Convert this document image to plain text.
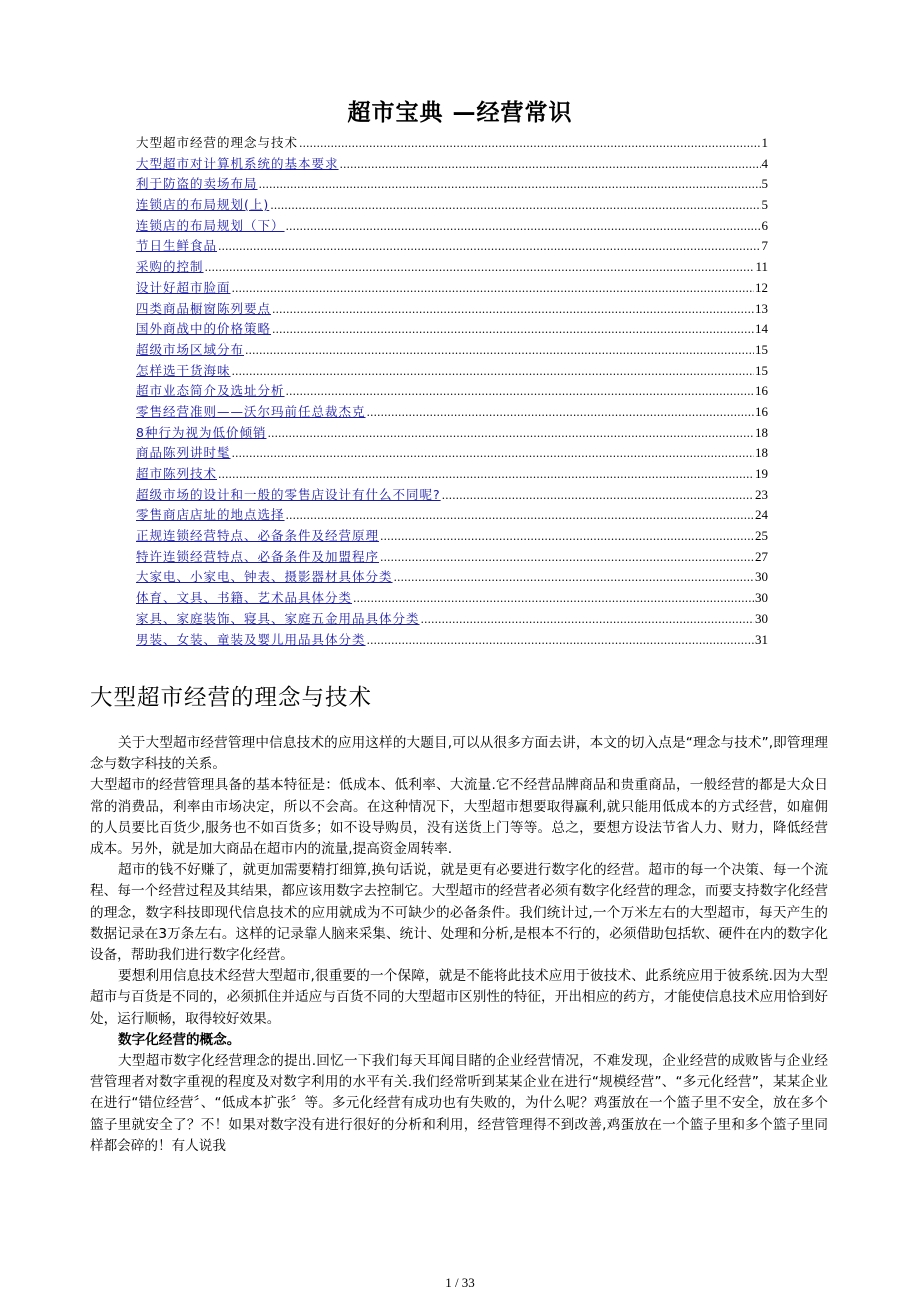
超市宝典 —经营常识
大型超市经营的理念与技术 .....	1
大型超市对计算机系统的基本要求 .....	4
利于防盗的卖场布局 .....	5
连锁店的布局规划(上) .....	5
连锁店的布局规划（下） .....	6
节日生鲜食品 .....	7
采购的控制 .....	11
设计好超市脸面 .....	12
四类商品橱窗陈列要点 .....	13
国外商战中的价格策略 .....	14
超级市场区域分布 .....	15
怎样选干货海味 .....	15
超市业态简介及选址分析 .....	16
零售经营准则——沃尔玛前任总裁杰克 .....	16
8种行为视为低价倾销 .....	18
商品陈列讲时髦 .....	18
超市陈列技术 .....	19
超级市场的设计和一般的零售店设计有什么不同呢? .....	23
零售商店店址的地点选择 .....	24
正规连锁经营特点、必备条件及经营原理 .....	25
特许连锁经营特点、必备条件及加盟程序 .....	27
大家电、小家电、钟表、摄影器材具体分类 .....	30
体育、文具、书籍、艺术品具体分类 .....	30
家具、家庭装饰、寝具、家庭五金用品具体分类 .....	30
男装、女装、童装及婴儿用品具体分类 .....	31
大型超市经营的理念与技术

关于大型超市经营管理中信息技术的应用这样的大题目,可以从很多方面去讲，本文的切入点是“理念与技术”,即管理理念与数字科技的关系。

大型超市的经营管理具备的基本特征是：低成本、低利率、大流量.它不经营品牌商品和贵重商品，一般经营的都是大众日常的消费品，利率由市场决定，所以不会高。在这种情况下，大型超市想要取得赢利,就只能用低成本的方式经营，如雇佣的人员要比百货少,服务也不如百货多；如不设导购员，没有送货上门等等。总之，要想方设法节省人力、财力，降低经营成本。另外，就是加大商品在超市内的流量,提高资金周转率.

超市的钱不好赚了，就更加需要精打细算,换句话说，就是更有必要进行数字化的经营。超市的每一个决策、每一个流程、每一个经营过程及其结果，都应该用数字去控制它。大型超市的经营者必须有数字化经营的理念，而要支持数字化经营的理念，数字科技即现代信息技术的应用就成为不可缺少的必备条件。我们统计过,一个万米左右的大型超市，每天产生的数据记录在3万条左右。这样的记录靠人脑来采集、统计、处理和分析,是根本不行的，必须借助包括软、硬件在内的数字化设备，帮助我们进行数字化经营。

要想利用信息技术经营大型超市,很重要的一个保障，就是不能将此技术应用于彼技术、此系统应用于彼系统.因为大型超市与百货是不同的，必须抓住并适应与百货不同的大型超市区别性的特征，开出相应的药方，才能使信息技术应用恰到好处，运行顺畅，取得较好效果。

数字化经营的概念。

大型超市数字化经营理念的提出.回忆一下我们每天耳闻目睹的企业经营情况，不难发现，企业经营的成败皆与企业经营管理者对数字重视的程度及对数字利用的水平有关.我们经常听到某某企业在进行“规模经营”、“多元化经营”，某某企业在进行“错位经营〞、“低成本扩张〞等。多元化经营有成功也有失败的，为什么呢？鸡蛋放在一个篮子里不安全，放在多个篮子里就安全了？不！如果对数字没有进行很好的分析和利用，经营管理得不到改善,鸡蛋放在一个篮子里和多个篮子里同样都会碎的！有人说我

1 / 33
